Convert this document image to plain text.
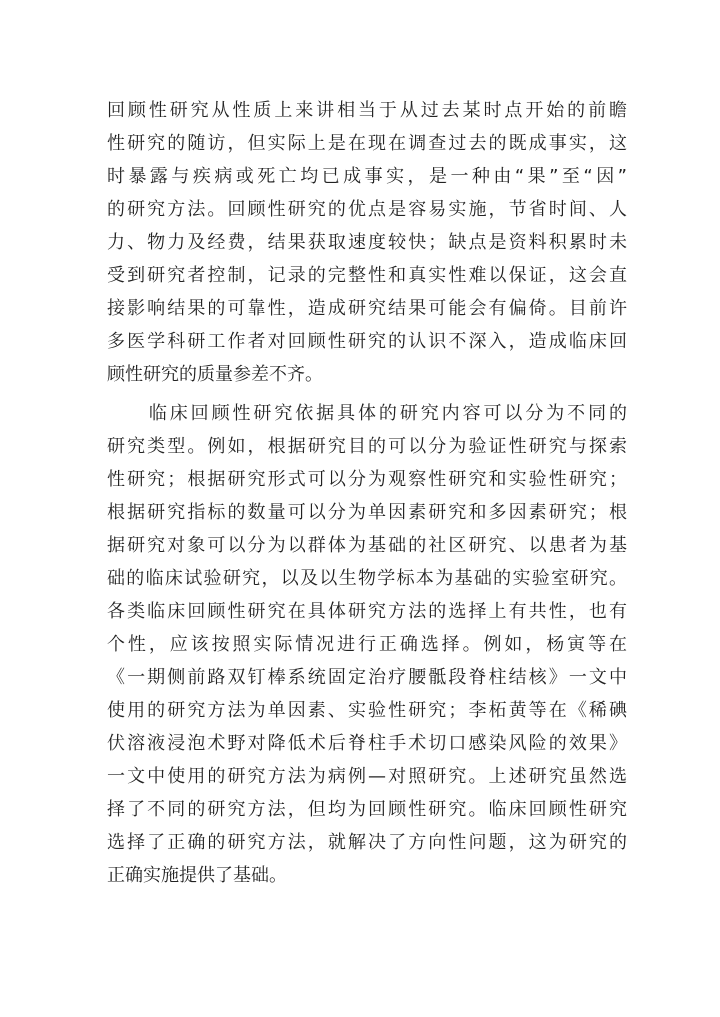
回顾性研究从性质上来讲相当于从过去某时点开始的前瞻
性研究的随访，但实际上是在现在调查过去的既成事实，这
时暴露与疾病或死亡均已成事实，是一种由“果”至“因”
的研究方法。回顾性研究的优点是容易实施，节省时间、人
力、物力及经费，结果获取速度较快；缺点是资料积累时未
受到研究者控制，记录的完整性和真实性难以保证，这会直
接影响结果的可靠性，造成研究结果可能会有偏倚。目前许
多医学科研工作者对回顾性研究的认识不深入，造成临床回
顾性研究的质量参差不齐。
　　临床回顾性研究依据具体的研究内容可以分为不同的
研究类型。例如，根据研究目的可以分为验证性研究与探索
性研究；根据研究形式可以分为观察性研究和实验性研究；
根据研究指标的数量可以分为单因素研究和多因素研究；根
据研究对象可以分为以群体为基础的社区研究、以患者为基
础的临床试验研究，以及以生物学标本为基础的实验室研究。
各类临床回顾性研究在具体研究方法的选择上有共性，也有
个性，应该按照实际情况进行正确选择。例如，杨寅等在
《一期侧前路双钉棒系统固定治疗腰骶段脊柱结核》一文中
使用的研究方法为单因素、实验性研究；李柘黄等在《稀碘
伏溶液浸泡术野对降低术后脊柱手术切口感染风险的效果》
一文中使用的研究方法为病例—对照研究。上述研究虽然选
择了不同的研究方法，但均为回顾性研究。临床回顾性研究
选择了正确的研究方法，就解决了方向性问题，这为研究的
正确实施提供了基础。
